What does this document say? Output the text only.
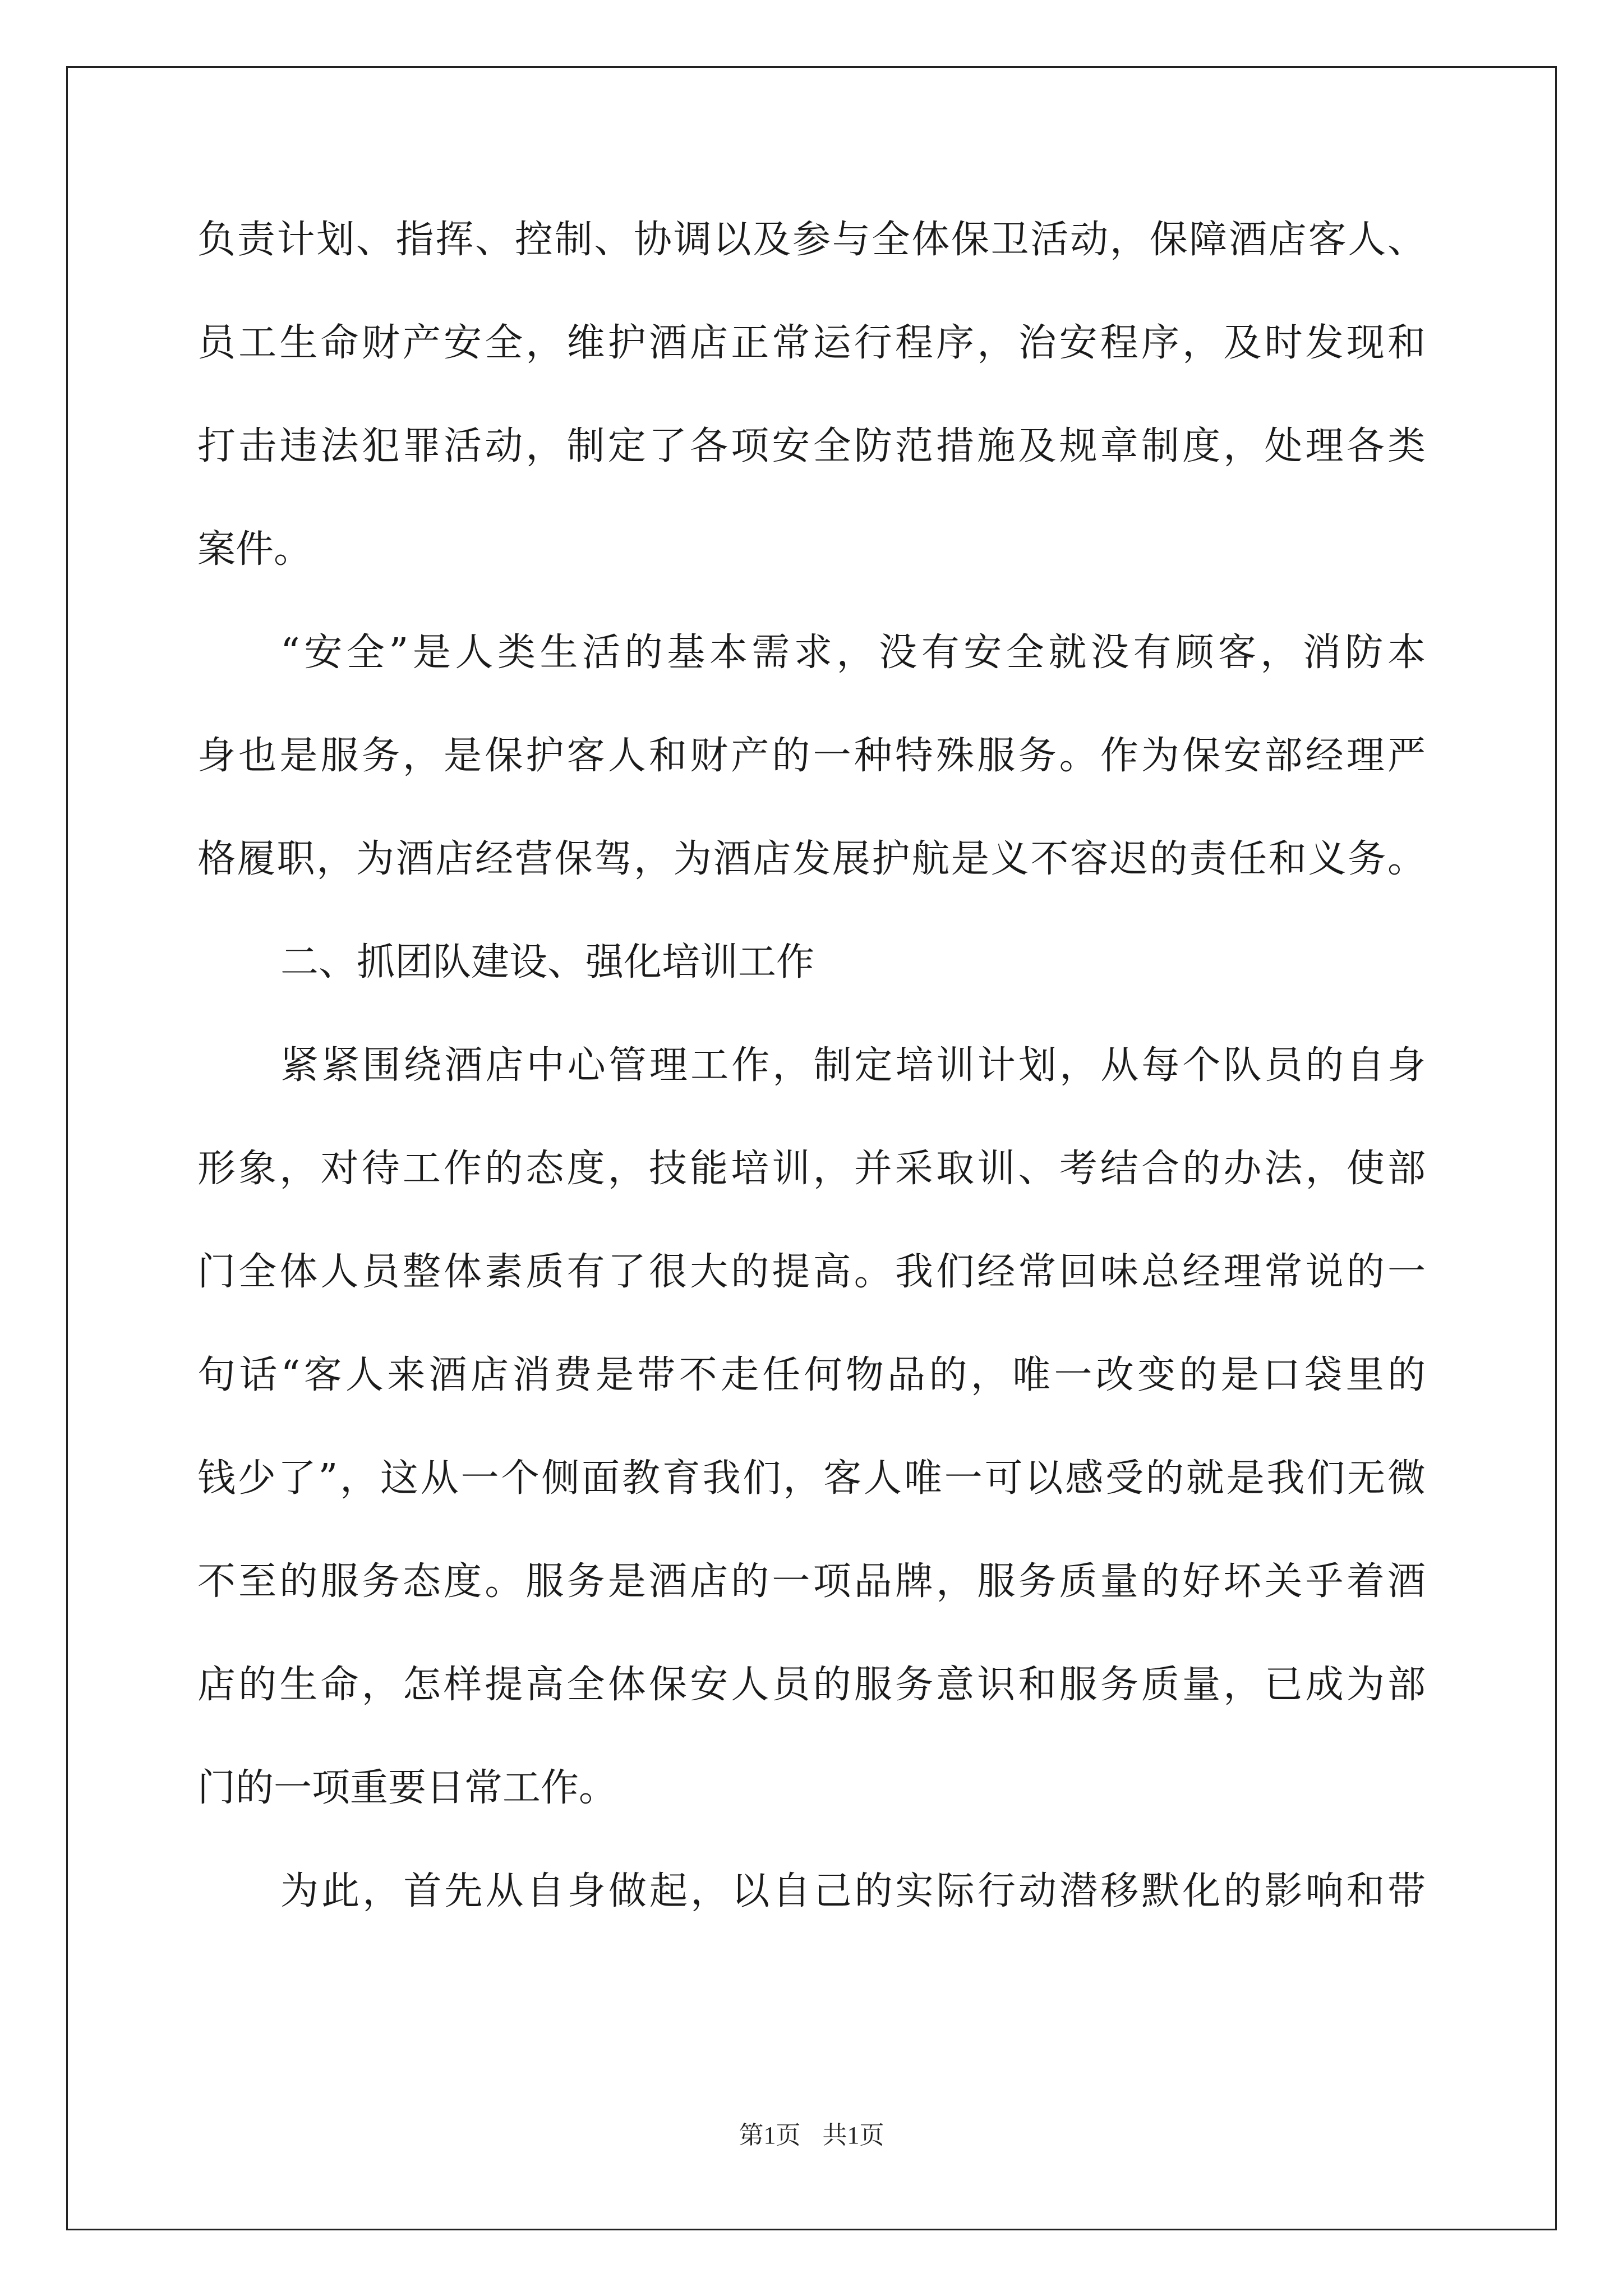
负责计划、指挥、控制、协调以及参与全体保卫活动，保障酒店客人、
员工生命财产安全，维护酒店正常运行程序，治安程序，及时发现和
打击违法犯罪活动，制定了各项安全防范措施及规章制度，处理各类
案件。
“安全”是人类生活的基本需求，没有安全就没有顾客，消防本
身也是服务，是保护客人和财产的一种特殊服务。作为保安部经理严
格履职，为酒店经营保驾，为酒店发展护航是义不容迟的责任和义务。
二、抓团队建设、强化培训工作
紧紧围绕酒店中心管理工作，制定培训计划，从每个队员的自身
形象，对待工作的态度，技能培训，并采取训、考结合的办法，使部
门全体人员整体素质有了很大的提高。我们经常回味总经理常说的一
句话“客人来酒店消费是带不走任何物品的，唯一改变的是口袋里的
钱少了”，这从一个侧面教育我们，客人唯一可以感受的就是我们无微
不至的服务态度。服务是酒店的一项品牌，服务质量的好坏关乎着酒
店的生命，怎样提高全体保安人员的服务意识和服务质量，已成为部
门的一项重要日常工作。
为此，首先从自身做起，以自己的实际行动潜移默化的影响和带
第1页 共1页
